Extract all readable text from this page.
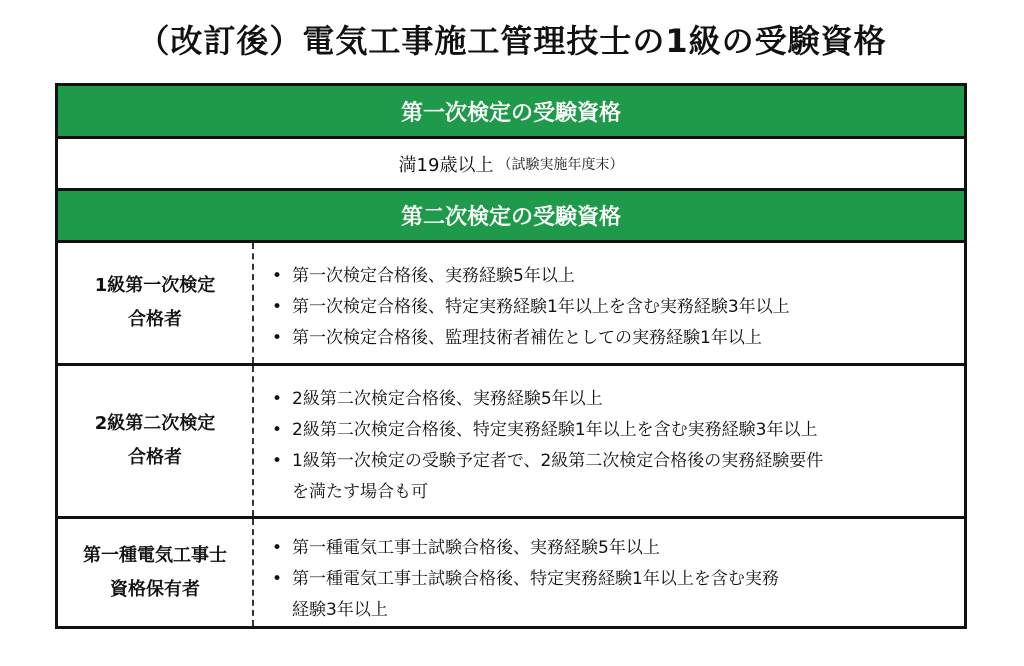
（改訂後）電気工事施工管理技士の1級の受験資格
第一次検定の受験資格
満19歳以上 （試験実施年度末）
第二次検定の受験資格
1級第一次検定
合格者
• 第一次検定合格後、実務経験5年以上
• 第一次検定合格後、特定実務経験1年以上を含む実務経験3年以上
• 第一次検定合格後、監理技術者補佐としての実務経験1年以上
2級第二次検定
合格者
• 2級第二次検定合格後、実務経験5年以上
• 2級第二次検定合格後、特定実務経験1年以上を含む実務経験3年以上
• 1級第一次検定の受験予定者で、2級第二次検定合格後の実務経験要件
を満たす場合も可
第一種電気工事士
資格保有者
• 第一種電気工事士試験合格後、実務経験5年以上
• 第一種電気工事士試験合格後、特定実務経験1年以上を含む実務
経験3年以上
